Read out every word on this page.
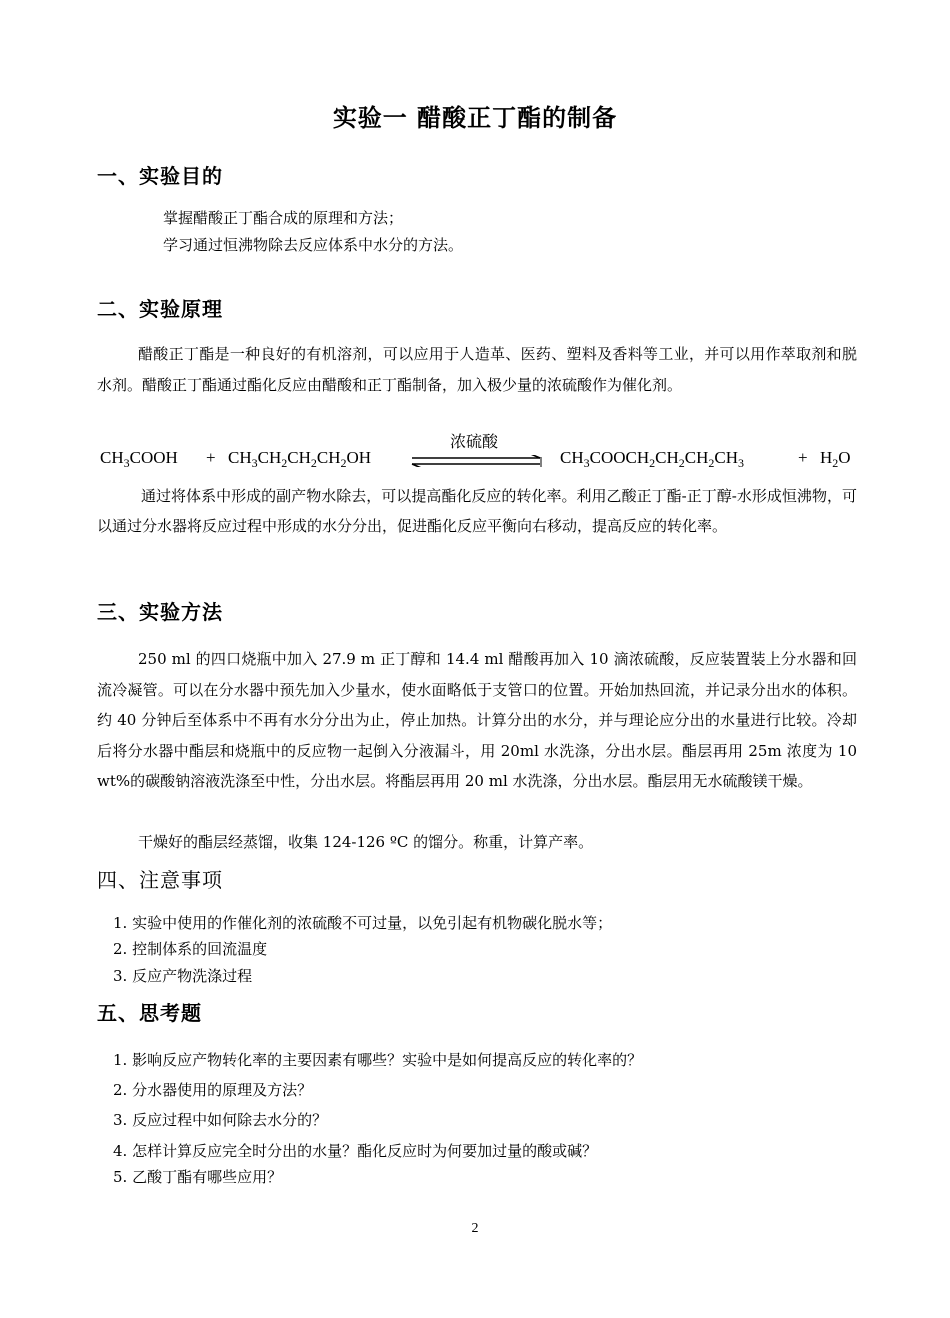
实验一 醋酸正丁酯的制备
一、实验目的
掌握醋酸正丁酯合成的原理和方法；
学习通过恒沸物除去反应体系中水分的方法。
二、实验原理
醋酸正丁酯是一种良好的有机溶剂，可以应用于人造革、医药、塑料及香料等工业，并可以用作萃取剂和脱水剂。醋酸正丁酯通过酯化反应由醋酸和正丁酯制备，加入极少量的浓硫酸作为催化剂。
浓硫酸
$CH_3COOH + CH_3CH_2CH_2CH_2OH$	$CH_3COOCH_2CH_2CH_2CH_3$	+ $H_2O$
通过将体系中形成的副产物水除去，可以提高酯化反应的转化率。利用乙酸正丁酯-正丁醇-水形成恒沸物，可以通过分水器将反应过程中形成的水分分出，促进酯化反应平衡向右移动，提高反应的转化率。
三、实验方法
250 ml 的四口烧瓶中加入 27.9 m 正丁醇和 14.4 ml 醋酸再加入 10 滴浓硫酸，反应装置装上分水器和回流冷凝管。可以在分水器中预先加入少量水，使水面略低于支管口的位置。开始加热回流，并记录分出水的体积。约 40 分钟后至体系中不再有水分分出为止，停止加热。计算分出的水分，并与理论应分出的水量进行比较。冷却后将分水器中酯层和烧瓶中的反应物一起倒入分液漏斗，用 20ml 水洗涤，分出水层。酯层再用 25m 浓度为 10 wt%的碳酸钠溶液洗涤至中性，分出水层。将酯层再用 20 ml 水洗涤，分出水层。酯层用无水硫酸镁干燥。
干燥好的酯层经蒸馏，收集 124-126 ºC 的馏分。称重，计算产率。
四、注意事项
1. 实验中使用的作催化剂的浓硫酸不可过量，以免引起有机物碳化脱水等；
2. 控制体系的回流温度
3. 反应产物洗涤过程
五、思考题
1. 影响反应产物转化率的主要因素有哪些？实验中是如何提高反应的转化率的？
2. 分水器使用的原理及方法？
3. 反应过程中如何除去水分的？
4. 怎样计算反应完全时分出的水量？酯化反应时为何要加过量的酸或碱？
5. 乙酸丁酯有哪些应用？
2
